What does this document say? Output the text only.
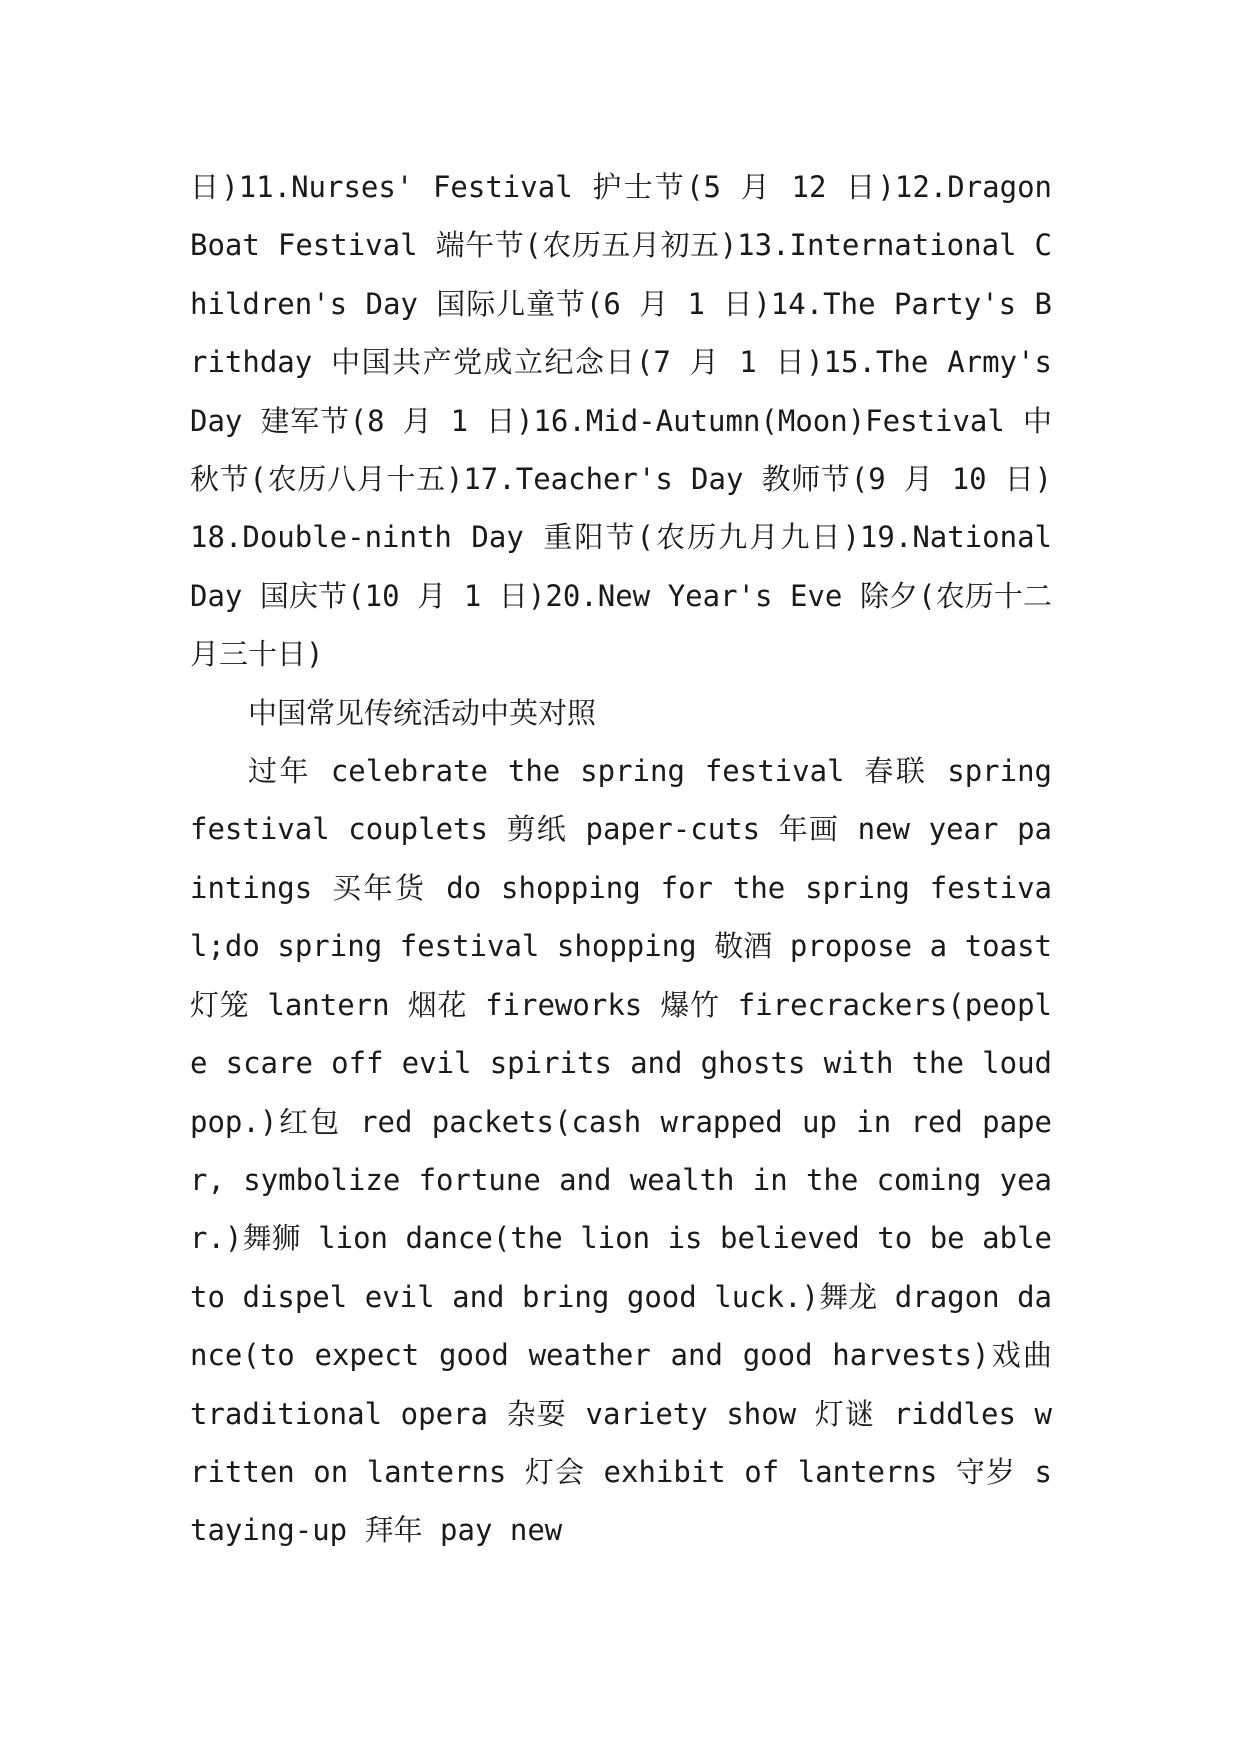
日)11.Nurses' Festival 护士节(5 月 12 日)12.Dragon Boat Festival 端午节(农历五月初五)13.International Children's Day 国际儿童节(6 月 1 日)14.The Party's Brithday 中国共产党成立纪念日(7 月 1 日)15.The Army's Day 建军节(8 月 1 日)16.Mid-Autumn(Moon)Festival 中秋节(农历八月十五)17.Teacher's Day 教师节(9 月 10 日)18.Double-ninth Day 重阳节(农历九月九日)19.National Day 国庆节(10 月 1 日)20.New Year's Eve 除夕(农历十二月三十日)

中国常见传统活动中英对照

过年 celebrate the spring festival 春联 spring festival couplets 剪纸 paper-cuts 年画 new year paintings 买年货 do shopping for the spring festival;do spring festival shopping 敬酒 propose a toast 灯笼 lantern 烟花 fireworks 爆竹 firecrackers(people scare off evil spirits and ghosts with the loud pop.)红包 red packets(cash wrapped up in red paper, symbolize fortune and wealth in the coming year.)舞狮 lion dance(the lion is believed to be able to dispel evil and bring good luck.)舞龙 dragon dance(to expect good weather and good harvests)戏曲 traditional opera 杂耍 variety show 灯谜 riddles written on lanterns 灯会 exhibit of lanterns 守岁 staying-up 拜年 pay new
